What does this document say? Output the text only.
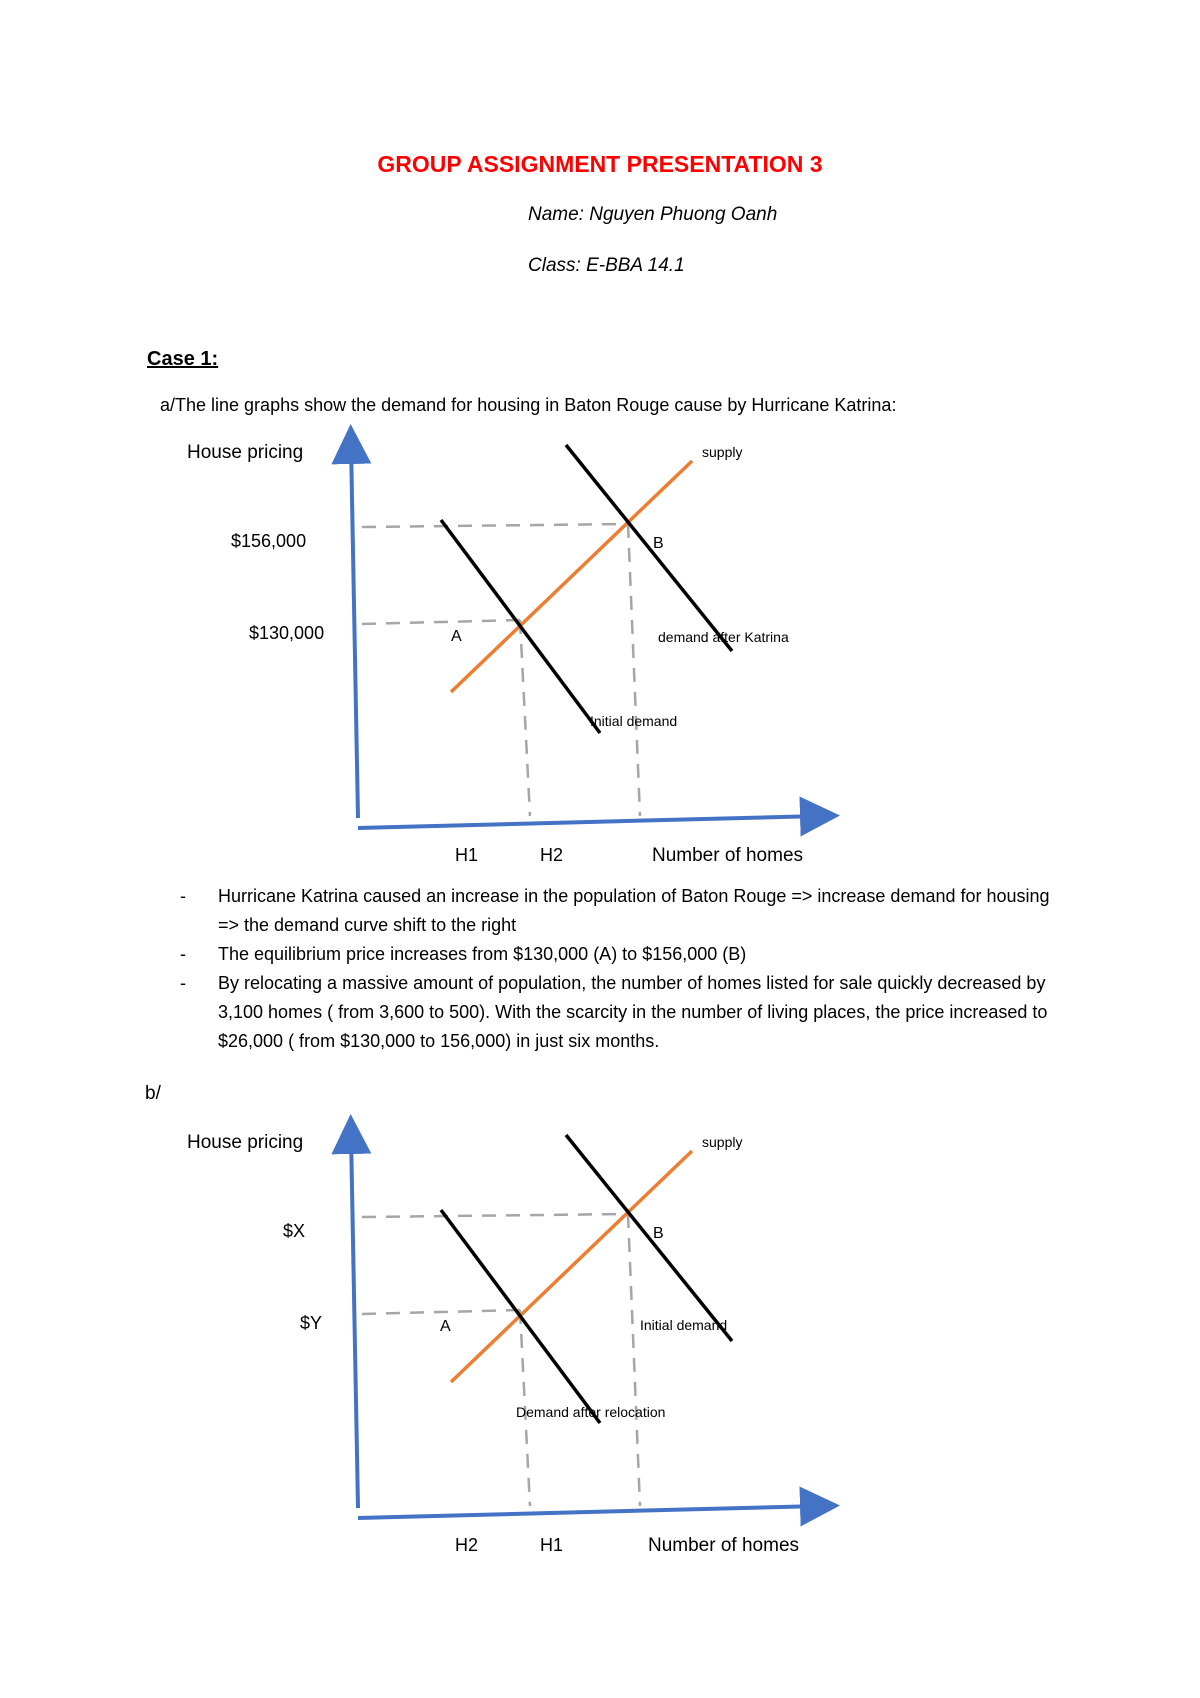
GROUP ASSIGNMENT PRESENTATION 3
Name: Nguyen Phuong Oanh
Class: E-BBA 14.1
Case 1:
a/The line graphs show the demand for housing in Baton Rouge cause by Hurricane Katrina:
House pricing
$156,000
$130,000
H1	H2	Number of homes
supply
A
B
demand after Katrina
Initial demand
- Hurricane Katrina caused an increase in the population of Baton Rouge => increase demand for housing => the demand curve shift to the right
- The equilibrium price increases from $130,000 (A) to $156,000 (B)
- By relocating a massive amount of population, the number of homes listed for sale quickly decreased by 3,100 homes ( from 3,600 to 500). With the scarcity in the number of living places, the price increased to $26,000 ( from $130,000 to 156,000) in just six months.
b/
House pricing
$X
$Y
H2	H1	Number of homes
supply
A
B
Initial demand
Demand after relocation
